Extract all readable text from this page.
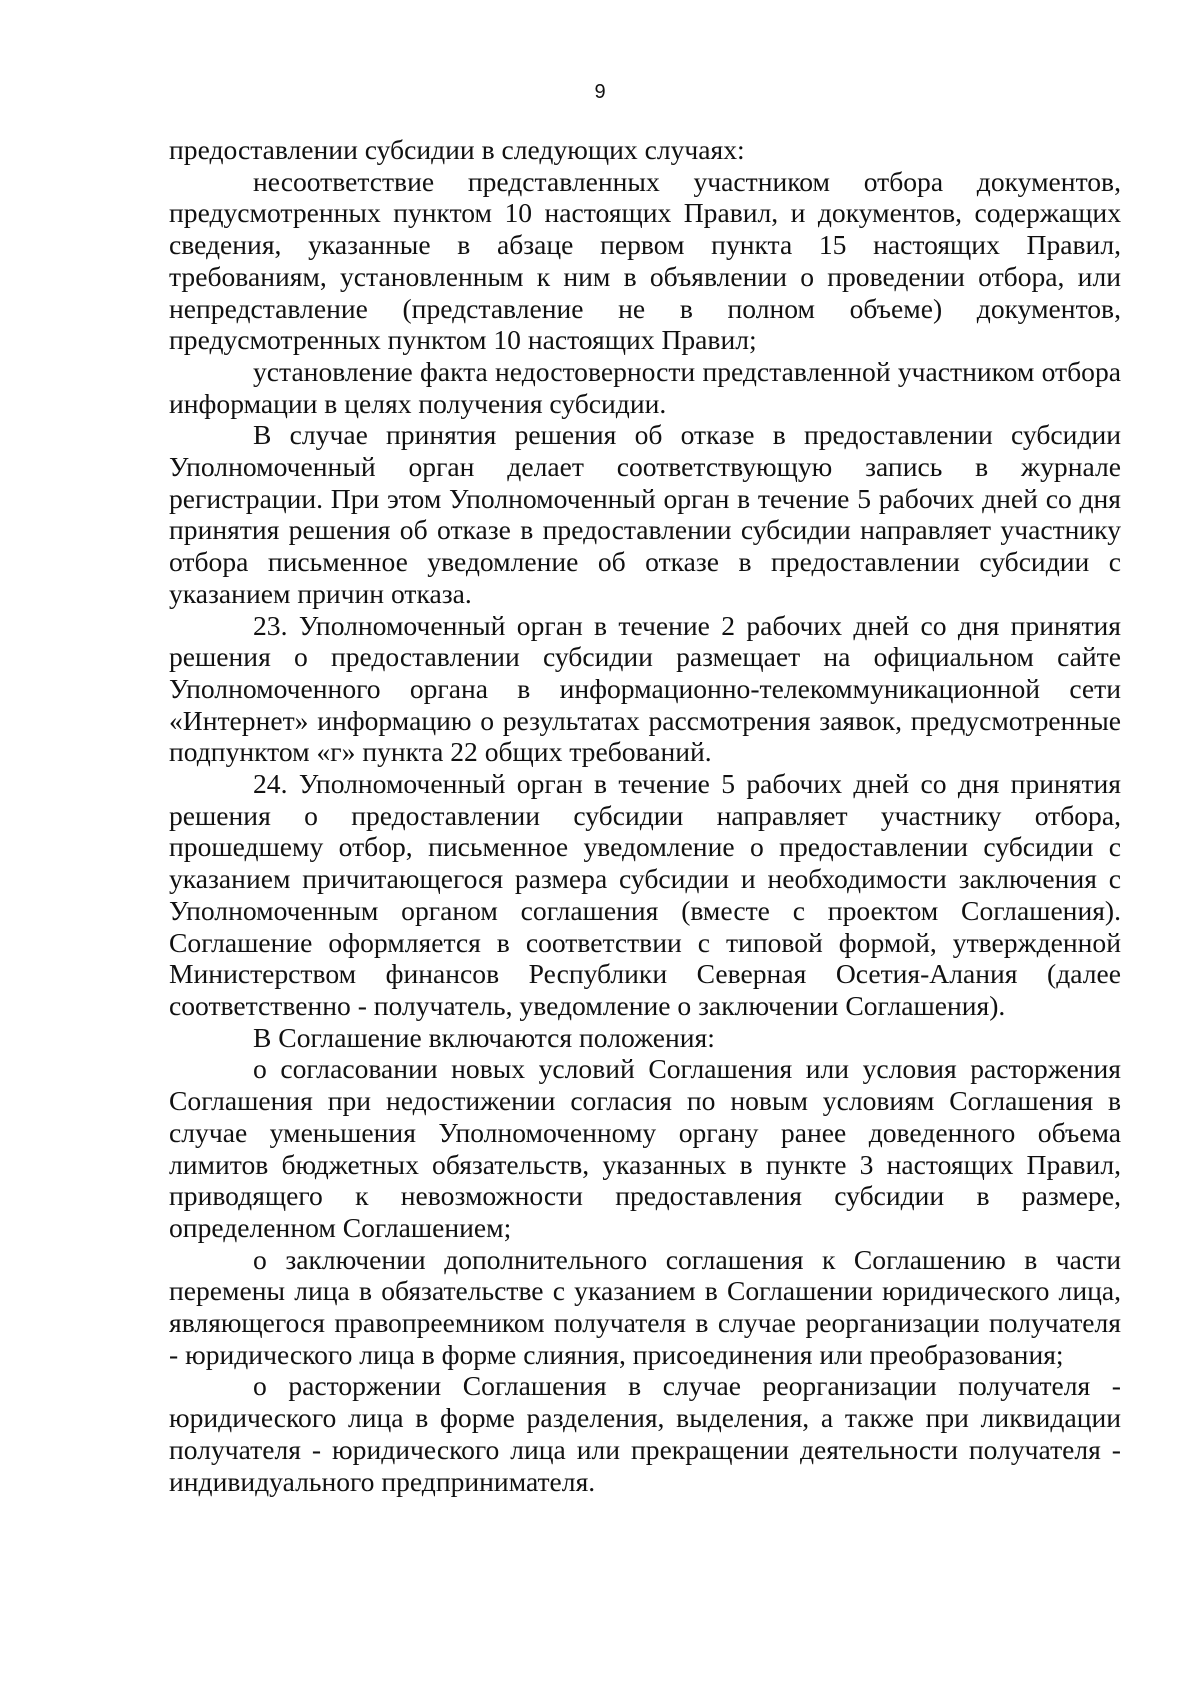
9

предоставлении субсидии в следующих случаях:

несоответствие представленных участником отбора документов, предусмотренных пунктом 10 настоящих Правил, и документов, содержащих сведения, указанные в абзаце первом пункта 15 настоящих Правил, требованиям, установленным к ним в объявлении о проведении отбора, или непредставление (представление не в полном объеме) документов, предусмотренных пунктом 10 настоящих Правил;

установление факта недостоверности представленной участником отбора информации в целях получения субсидии.

В случае принятия решения об отказе в предоставлении субсидии Уполномоченный орган делает соответствующую запись в журнале регистрации. При этом Уполномоченный орган в течение 5 рабочих дней со дня принятия решения об отказе в предоставлении субсидии направляет участнику отбора письменное уведомление об отказе в предоставлении субсидии с указанием причин отказа.

23. Уполномоченный орган в течение 2 рабочих дней со дня принятия решения о предоставлении субсидии размещает на официальном сайте Уполномоченного органа в информационно-телекоммуникационной сети «Интернет» информацию о результатах рассмотрения заявок, предусмотренные подпунктом «г» пункта 22 общих требований.

24. Уполномоченный орган в течение 5 рабочих дней со дня принятия решения о предоставлении субсидии направляет участнику отбора, прошедшему отбор, письменное уведомление о предоставлении субсидии с указанием причитающегося размера субсидии и необходимости заключения с Уполномоченным органом соглашения (вместе с проектом Соглашения). Соглашение оформляется в соответствии с типовой формой, утвержденной Министерством финансов Республики Северная Осетия-Алания (далее соответственно - получатель, уведомление о заключении Соглашения).

В Соглашение включаются положения:

о согласовании новых условий Соглашения или условия расторжения Соглашения при недостижении согласия по новым условиям Соглашения в случае уменьшения Уполномоченному органу ранее доведенного объема лимитов бюджетных обязательств, указанных в пункте 3 настоящих Правил, приводящего к невозможности предоставления субсидии в размере, определенном Соглашением;

о заключении дополнительного соглашения к Соглашению в части перемены лица в обязательстве с указанием в Соглашении юридического лица, являющегося правопреемником получателя в случае реорганизации получателя - юридического лица в форме слияния, присоединения или преобразования;

о расторжении Соглашения в случае реорганизации получателя - юридического лица в форме разделения, выделения, а также при ликвидации получателя - юридического лица или прекращении деятельности получателя - индивидуального предпринимателя.
